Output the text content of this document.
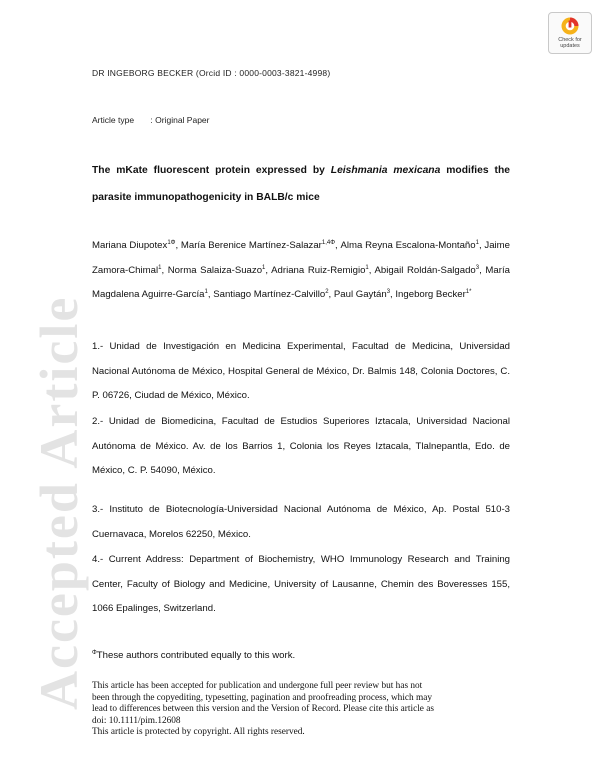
Accepted Article
Check for updates
DR INGEBORG BECKER (Orcid ID : 0000-0003-3821-4998)
Article type : Original Paper
The mKate fluorescent protein expressed by Leishmania mexicana modifies the parasite immunopathogenicity in BALB/c mice
Mariana Diupotex$^{1\Phi}$, María Berenice Martínez-Salazar$^{1,4\Phi}$, Alma Reyna Escalona-Montaño$^1$, Jaime Zamora-Chimal$^1$, Norma Salaiza-Suazo$^1$, Adriana Ruiz-Remigio$^1$, Abigail Roldán-Salgado$^3$, María Magdalena Aguirre-García$^1$, Santiago Martínez-Calvillo$^2$, Paul Gaytán$^3$, Ingeborg Becker$^{1*}$
1.- Unidad de Investigación en Medicina Experimental, Facultad de Medicina, Universidad Nacional Autónoma de México, Hospital General de México, Dr. Balmis 148, Colonia Doctores, C. P. 06726, Ciudad de México, México.
2.- Unidad de Biomedicina, Facultad de Estudios Superiores Iztacala, Universidad Nacional Autónoma de México. Av. de los Barrios 1, Colonia los Reyes Iztacala, Tlalnepantla, Edo. de México, C. P. 54090, México.
3.- Instituto de Biotecnología-Universidad Nacional Autónoma de México, Ap. Postal 510-3 Cuernavaca, Morelos 62250, México.
4.- Current Address: Department of Biochemistry, WHO Immunology Research and Training Center, Faculty of Biology and Medicine, University of Lausanne, Chemin des Boveresses 155, 1066 Epalinges, Switzerland.
$^\Phi$These authors contributed equally to this work.
This article has been accepted for publication and undergone full peer review but has not
been through the copyediting, typesetting, pagination and proofreading process, which may
lead to differences between this version and the Version of Record. Please cite this article as
doi: 10.1111/pim.12608
This article is protected by copyright. All rights reserved.
